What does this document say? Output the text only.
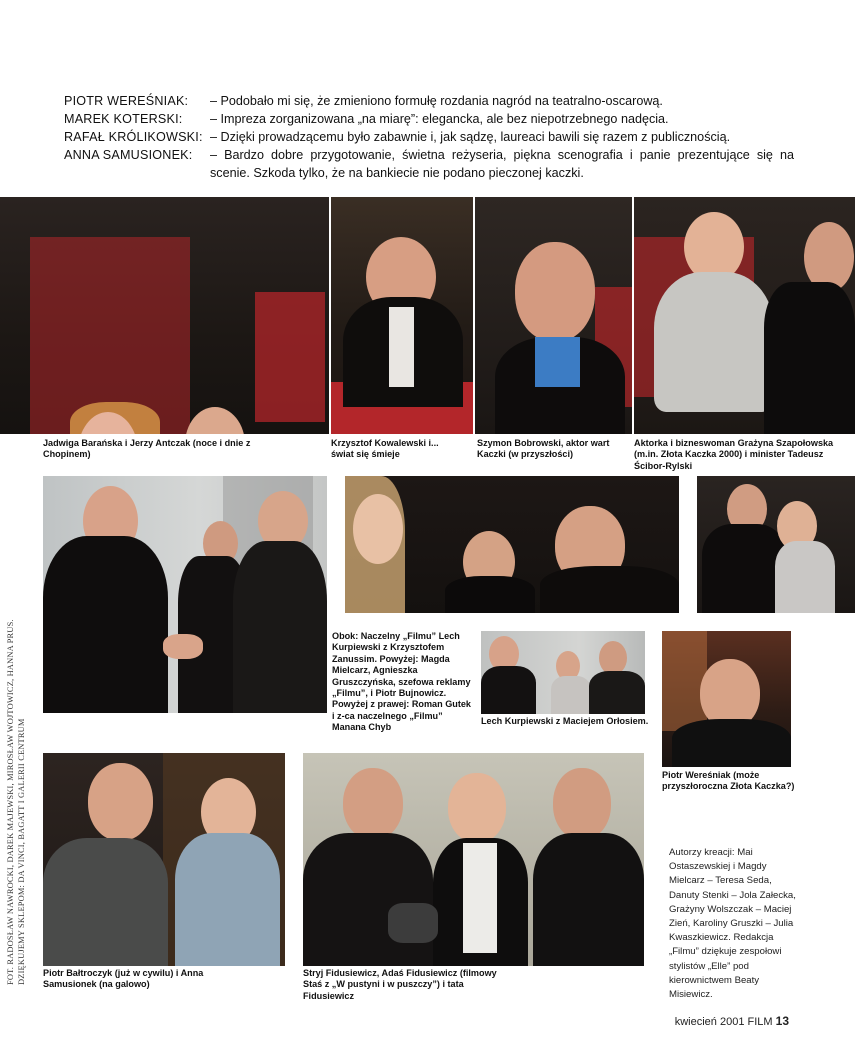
PIOTR WEREŚNIAK:	– Podobało mi się, że zmieniono formułę rozdania nagród na teatralno-oscarową.
MAREK KOTERSKI:	– Impreza zorganizowana „na miarę”: elegancka, ale bez niepotrzebnego nadęcia.
RAFAŁ KRÓLIKOWSKI: – Dzięki prowadzącemu było zabawnie i, jak sądzę, laureaci bawili się razem z publicznością.
ANNA SAMUSIONEK:	– Bardzo dobre przygotowanie, świetna reżyseria, piękna scenografia i panie prezentujące się na scenie. Szkoda tylko, że na bankiecie nie podano pieczonej kaczki.
Jadwiga Barańska i Jerzy Antczak (noce i dnie z Chopinem)
Krzysztof Kowalewski i... świat się śmieje
Szymon Bobrowski, aktor wart Kaczki (w przyszłości)
Aktorka i bizneswoman Grażyna Szapołowska (m.in. Złota Kaczka 2000) i minister Tadeusz Ścibor-Rylski
Obok: Naczelny „Filmu” Lech Kurpiewski z Krzysztofem Zanussim. Powyżej: Magda Mielcarz, Agnieszka Gruszczyńska, szefowa reklamy „Filmu”, i Piotr Bujnowicz. Powyżej z prawej: Roman Gutek i z-ca naczelnego „Filmu” Manana Chyb
Lech Kurpiewski z Maciejem Orłosiem.
Piotr Wereśniak (może przyszłoroczna Złota Kaczka?)
Piotr Bałtroczyk (już w cywilu) i Anna Samusionek (na galowo)
Stryj Fidusiewicz, Adaś Fidusiewicz (filmowy Staś z „W pustyni i w puszczy”) i tata Fidusiewicz
Autorzy kreacji: Mai Ostaszewskiej i Magdy Mielcarz – Teresa Seda, Danuty Stenki – Jola Załecka, Grażyny Wolszczak – Maciej Zień, Karoliny Gruszki – Julia Kwaszkiewicz. Redakcja „Filmu” dziękuje zespołowi stylistów „Elle” pod kierownictwem Beaty Misiewicz.
FOT. RADOSŁAW NAWROCKI, DAREK MAJEWSKI, MIROSŁAW WOJTOWICZ, HANNA PRUS. DZIĘKUJEMY SKLEPOM: DA VINCI, BAGATT I GALERII CENTRUM
kwiecień 2001 FILM 13
